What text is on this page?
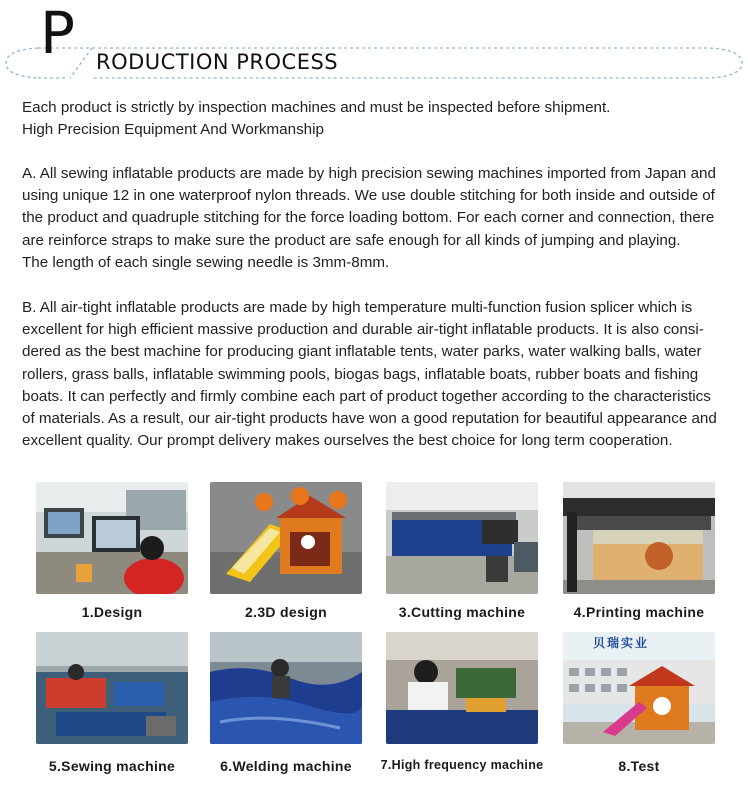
P RODUCTION PROCESS

Each product is strictly by inspection machines and must be inspected before shipment.

High Precision Equipment And Workmanship

A. All sewing inflatable products are made by high precision sewing machines imported from Japan and

using unique 12 in one waterproof nylon threads. We use double stitching for both inside and outside of

the product and quadruple stitching for the force loading bottom. For each corner and connection, there

are reinforce straps to make sure the product are safe enough for all kinds of jumping and playing.

The length of each single sewing needle is 3mm-8mm.

B. All air-tight inflatable products are made by high temperature multi-function fusion splicer which is

excellent for high efficient massive production and durable air-tight inflatable products. It is also consi-

dered as the best machine for producing giant inflatable tents, water parks, water walking balls, water

rollers, grass balls, inflatable swimming pools, biogas bags, inflatable boats, rubber boats and fishing

boats. It can perfectly and firmly combine each part of product together according to the characteristics

of materials. As a result, our air-tight products have won a good reputation for beautiful appearance and

excellent quality. Our prompt delivery makes ourselves the best choice for long term cooperation.

1.Design	2.3D design	3.Cutting machine	4.Printing machine
5.Sewing machine	6.Welding machine	7.High frequency machine
贝瑞实业
8.Test
